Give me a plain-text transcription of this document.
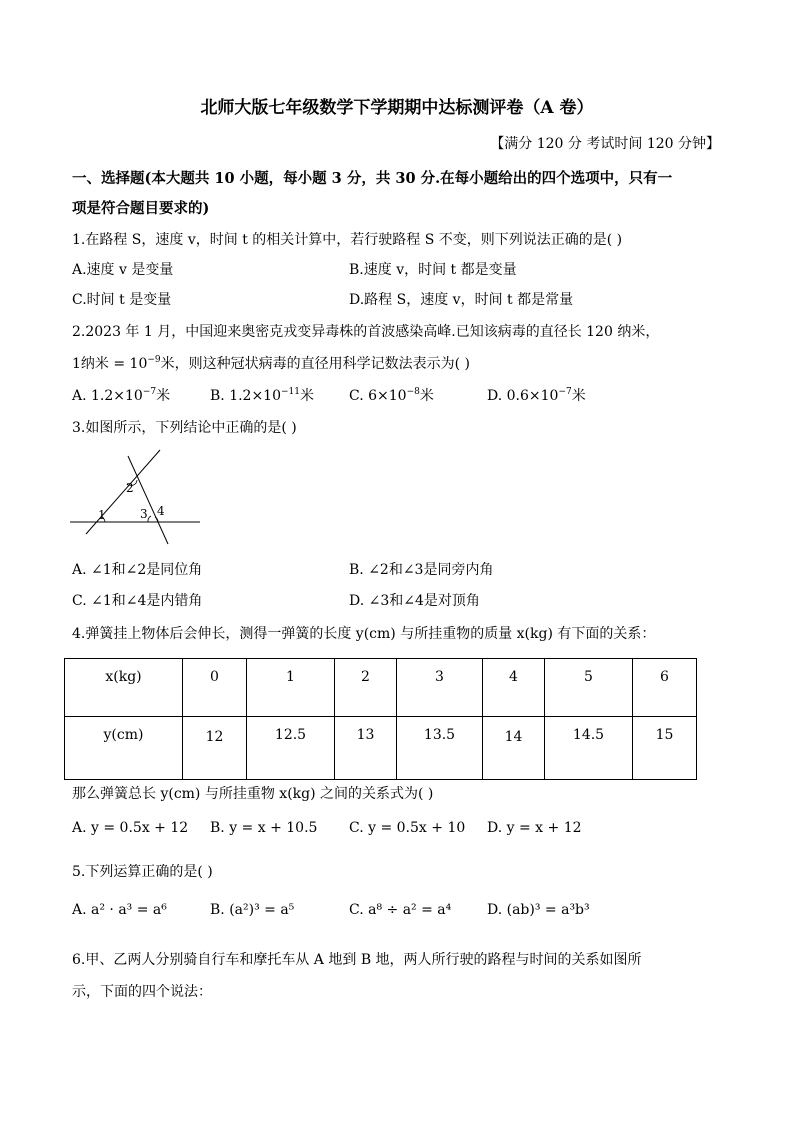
北师大版七年级数学下学期期中达标测评卷（A 卷）
【满分 120 分 考试时间 120 分钟】
一、选择题(本大题共 10 小题，每小题 3 分，共 30 分.在每小题给出的四个选项中，只有一
项是符合题目要求的)
1.在路程 S，速度 v，时间 t 的相关计算中，若行驶路程 S 不变，则下列说法正确的是( )
A.速度 v 是变量	B.速度 v，时间 t 都是变量
C.时间 t 是变量	D.路程 S，速度 v，时间 t 都是常量
2.2023 年 1 月，中国迎来奥密克戎变异毒株的首波感染高峰.已知该病毒的直径长 120 纳米，
1纳米 = $10^{-9}$米，则这种冠状病毒的直径用科学记数法表示为( )
A. $1.2\times 10^{-7}$米	B. $1.2\times 10^{-11}$米	C. $6\times 10^{-8}$米	D. $0.6\times 10^{-7}$米
3.如图所示，下列结论中正确的是( )
1
2
3 4
A. ∠1和∠2是同位角	B. ∠2和∠3是同旁内角
C. ∠1和∠4是内错角	D. ∠3和∠4是对顶角
4.弹簧挂上物体后会伸长，测得一弹簧的长度 y(cm) 与所挂重物的质量 x(kg) 有下面的关系：
x(kg)	0	1	2	3	4	5	6
y(cm)	12	12.5	13	13.5	14	14.5	15
那么弹簧总长 y(cm) 与所挂重物 x(kg) 之间的关系式为( )
A. y = 0.5x + 12 B. y = x + 10.5 C. y = 0.5x + 10 D. y = x + 12
5.下列运算正确的是( )
A. a² · a³ = a⁶	B. (a²)³ = a⁵	C. a⁸ ÷ a² = a⁴	D. (ab)³ = a³b³
6.甲、乙两人分别骑自行车和摩托车从 A 地到 B 地，两人所行驶的路程与时间的关系如图所
示，下面的四个说法：
